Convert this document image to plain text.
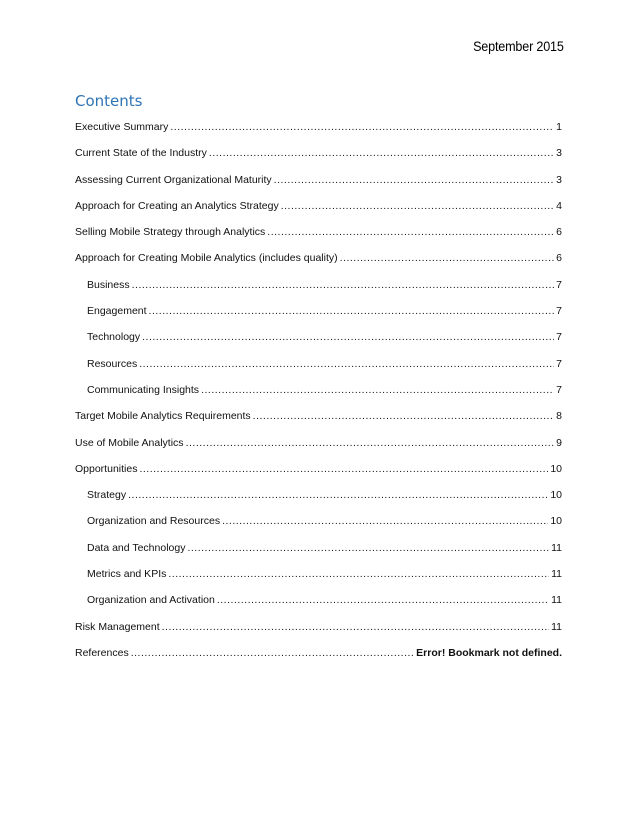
September 2015
Contents
Executive Summary .....	1
Current State of the Industry .....	3
Assessing Current Organizational Maturity .....	3
Approach for Creating an Analytics Strategy .....	4
Selling Mobile Strategy through Analytics .....	6
Approach for Creating Mobile Analytics (includes quality) .....	6
Business .....	7
Engagement .....	7
Technology .....	7
Resources .....	7
Communicating Insights .....	7
Target Mobile Analytics Requirements .....	8
Use of Mobile Analytics .....	9
Opportunities .....	10
Strategy .....	10
Organization and Resources .....	10
Data and Technology .....	11
Metrics and KPIs .....	11
Organization and Activation .....	11
Risk Management .....	11
References .....	Error! Bookmark not defined.
